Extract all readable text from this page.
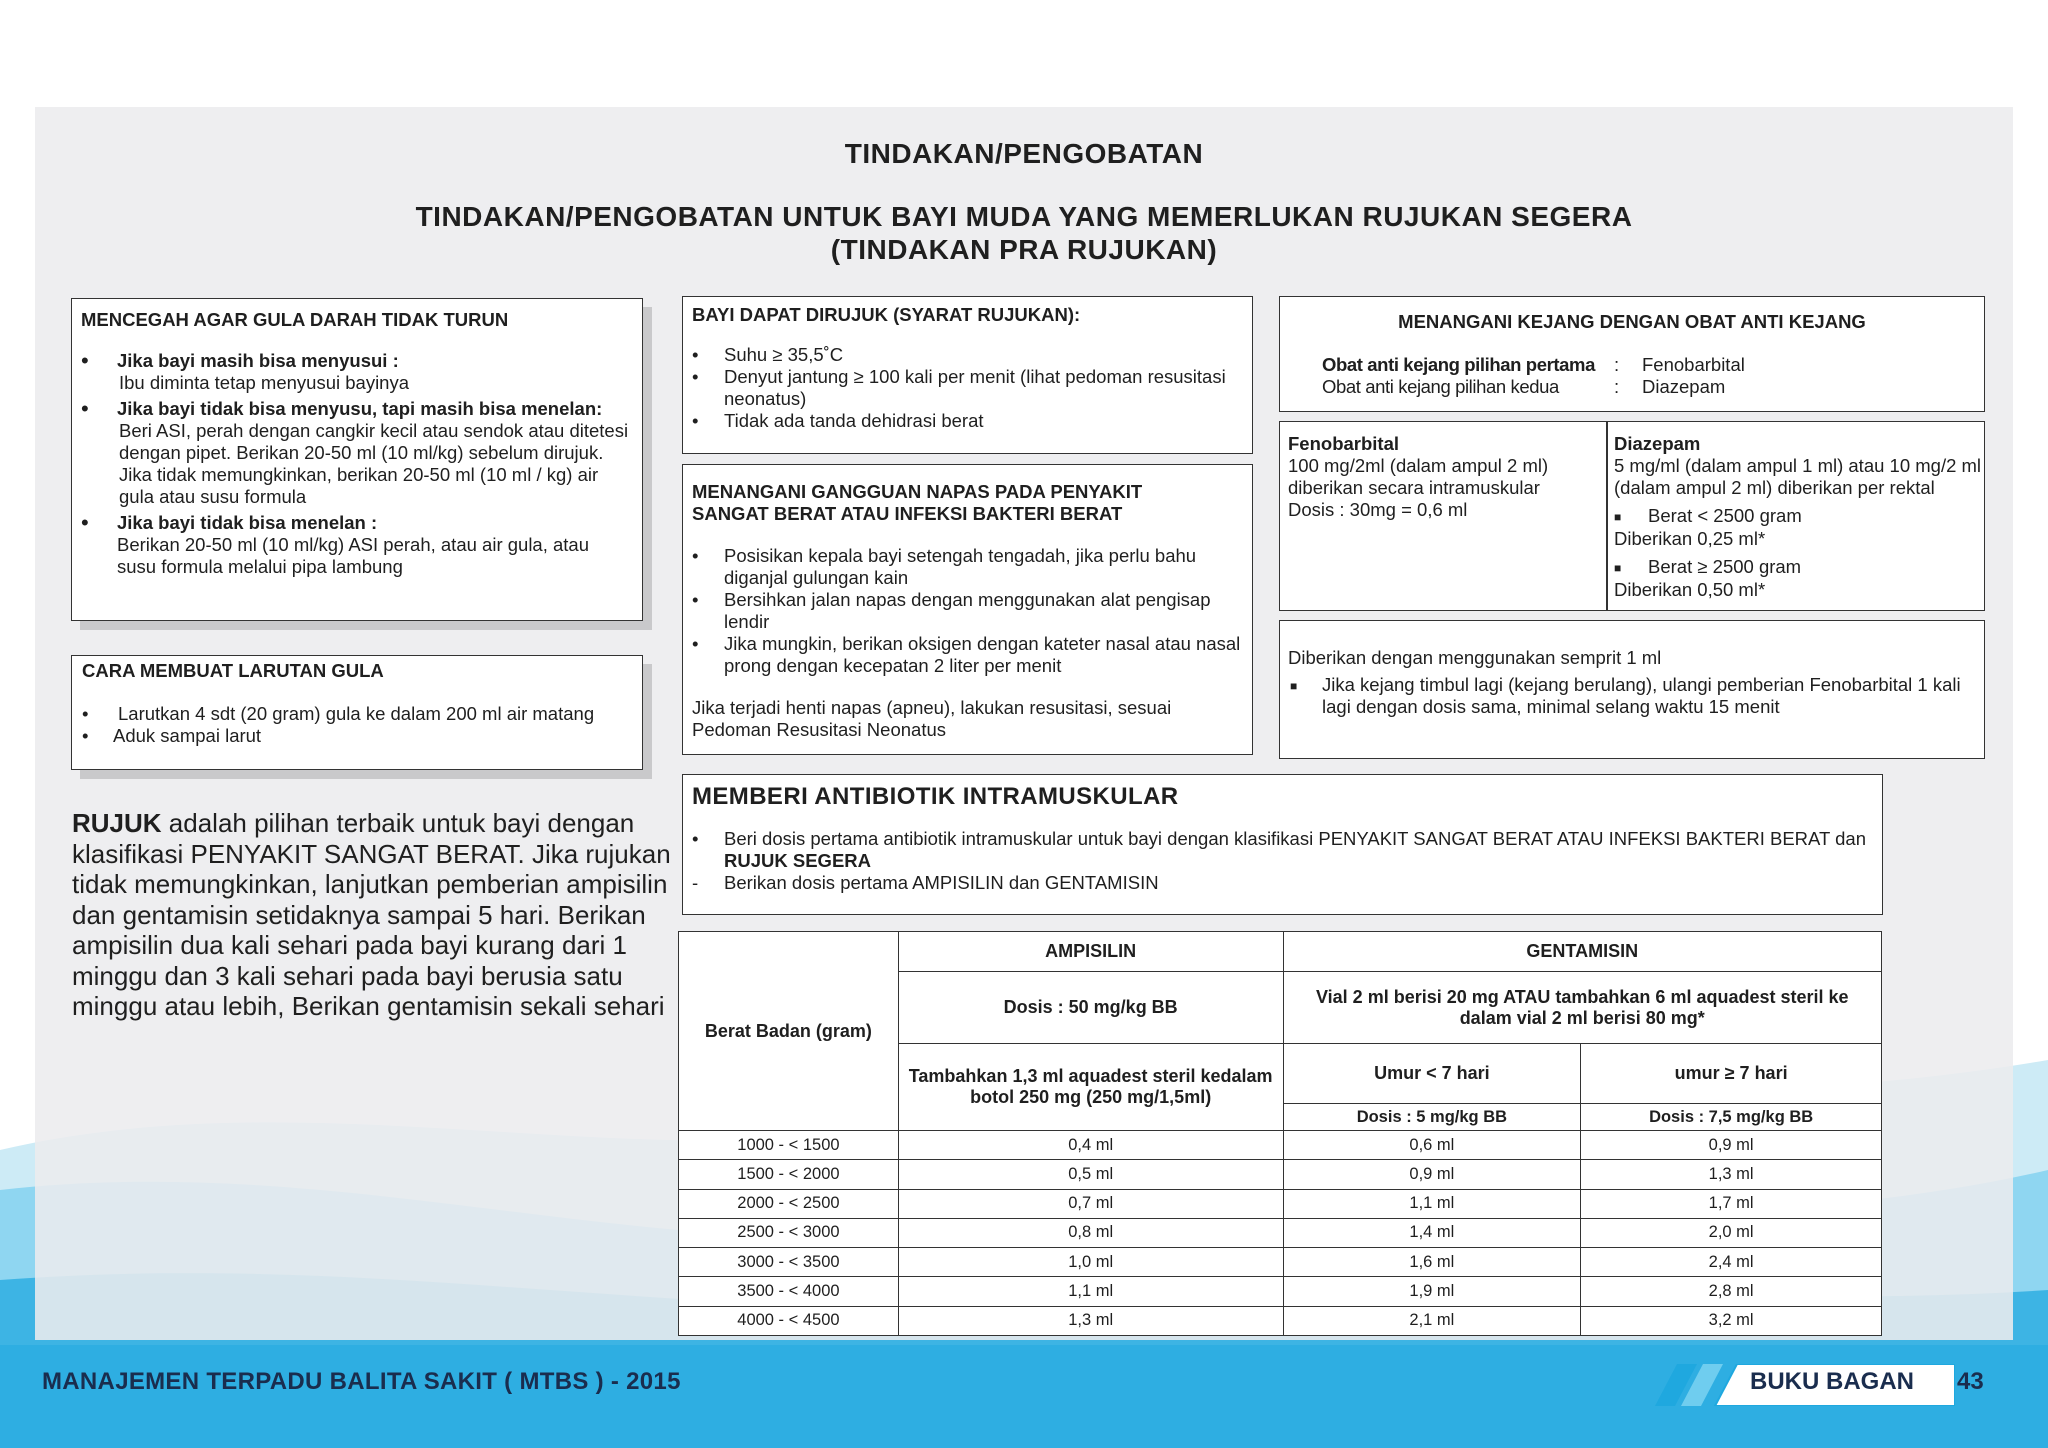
TINDAKAN/PENGOBATAN
TINDAKAN/PENGOBATAN UNTUK BAYI MUDA YANG MEMERLUKAN RUJUKAN SEGERA
(TINDAKAN PRA RUJUKAN)
MENCEGAH AGAR GULA DARAH TIDAK TURUN
• Jika bayi masih bisa menyusui :
Ibu diminta tetap menyusui bayinya
• Jika bayi tidak bisa menyusu, tapi masih bisa menelan:
Beri ASI, perah dengan cangkir kecil atau sendok atau ditetesi dengan pipet. Berikan 20-50 ml (10 ml/kg) sebelum dirujuk. Jika tidak memungkinkan, berikan 20-50 ml (10 ml / kg) air gula atau susu formula
• Jika bayi tidak bisa menelan :
Berikan 20-50 ml (10 ml/kg) ASI perah, atau air gula, atau susu formula melalui pipa lambung
CARA MEMBUAT LARUTAN GULA
• Larutkan 4 sdt (20 gram) gula ke dalam 200 ml air matang
• Aduk sampai larut
RUJUK adalah pilihan terbaik untuk bayi dengan klasifikasi PENYAKIT SANGAT BERAT. Jika rujukan tidak memungkinkan, lanjutkan pemberian ampisilin dan gentamisin setidaknya sampai 5 hari. Berikan ampisilin dua kali sehari pada bayi kurang dari 1 minggu dan 3 kali sehari pada bayi berusia satu minggu atau lebih, Berikan gentamisin sekali sehari
BAYI DAPAT DIRUJUK (SYARAT RUJUKAN):
• Suhu ≥ 35,5˚C
• Denyut jantung ≥ 100 kali per menit (lihat pedoman resusitasi neonatus)
• Tidak ada tanda dehidrasi berat
MENANGANI GANGGUAN NAPAS PADA PENYAKIT
SANGAT BERAT ATAU INFEKSI BAKTERI BERAT
• Posisikan kepala bayi setengah tengadah, jika perlu bahu diganjal gulungan kain
• Bersihkan jalan napas dengan menggunakan alat pengisap lendir
• Jika mungkin, berikan oksigen dengan kateter nasal atau nasal prong dengan kecepatan 2 liter per menit
Jika terjadi henti napas (apneu), lakukan resusitasi, sesuai Pedoman Resusitasi Neonatus
MENANGANI KEJANG DENGAN OBAT ANTI KEJANG
Obat anti kejang pilihan pertama : Fenobarbital
Obat anti kejang pilihan kedua	: Diazepam
Fenobarbital
100 mg/2ml (dalam ampul 2 ml)
diberikan secara intramuskular
Dosis : 30mg = 0,6 ml
Diazepam
5 mg/ml (dalam ampul 1 ml) atau 10 mg/2 ml (dalam ampul 2 ml) diberikan per rektal
■ Berat < 2500 gram
Diberikan 0,25 ml*
■ Berat ≥ 2500 gram
Diberikan 0,50 ml*
Diberikan dengan menggunakan semprit 1 ml
■ Jika kejang timbul lagi (kejang berulang), ulangi pemberian Fenobarbital 1 kali lagi dengan dosis sama, minimal selang waktu 15 menit
MEMBERI ANTIBIOTIK INTRAMUSKULAR
• Beri dosis pertama antibiotik intramuskular untuk bayi dengan klasifikasi PENYAKIT SANGAT BERAT ATAU INFEKSI BAKTERI BERAT dan RUJUK SEGERA
- Berikan dosis pertama AMPISILIN dan GENTAMISIN
Berat Badan (gram)	AMPISILIN	GENTAMISIN	
	Dosis : 50 mg/kg BB	Vial 2 ml berisi 20 mg ATAU tambahkan 6 ml aquadest steril ke dalam vial 2 ml berisi 80 mg*	
	Tambahkan 1,3 ml aquadest steril kedalam botol 250 mg (250 mg/1,5ml)	Umur < 7 hari	umur ≥ 7 hari
		Dosis : 5 mg/kg BB	Dosis : 7,5 mg/kg BB
1000 - < 1500	0,4 ml	0,6 ml	0,9 ml
1500 - < 2000	0,5 ml	0,9 ml	1,3 ml
2000 - < 2500	0,7 ml	1,1 ml	1,7 ml
2500 - < 3000	0,8 ml	1,4 ml	2,0 ml
3000 - < 3500	1,0 ml	1,6 ml	2,4 ml
3500 - < 4000	1,1 ml	1,9 ml	2,8 ml
4000 - < 4500	1,3 ml	2,1 ml	3,2 ml
MANAJEMEN TERPADU BALITA SAKIT ( MTBS ) - 2015	BUKU BAGAN 43
